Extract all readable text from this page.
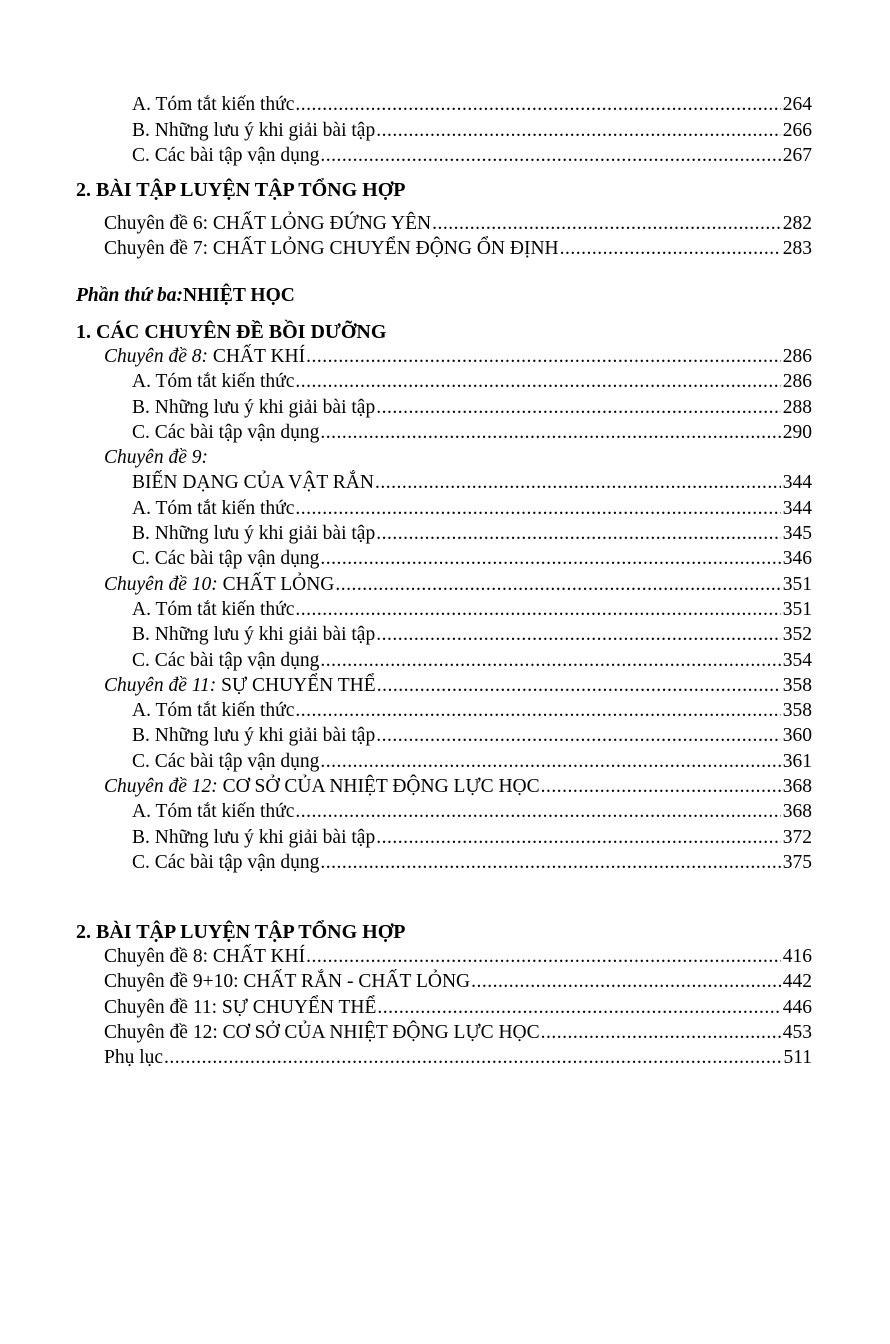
A. Tóm tắt kiến thức .....	264
B. Những lưu ý khi giải bài tập .....	266
C. Các bài tập vận dụng .....	267
2. BÀI TẬP LUYỆN TẬP TỔNG HỢP
Chuyên đề 6: CHẤT LỎNG ĐỨNG YÊN .....	282
Chuyên đề 7: CHẤT LỎNG CHUYỂN ĐỘNG ỔN ĐỊNH .....	283
Phần thứ ba: NHIỆT HỌC
1. CÁC CHUYÊN ĐỀ BỒI DƯỠNG
Chuyên đề 8: CHẤT KHÍ .....	286
A. Tóm tắt kiến thức .....	286
B. Những lưu ý khi giải bài tập .....	288
C. Các bài tập vận dụng .....	290
Chuyên đề 9:
BIẾN DẠNG CỦA VẬT RẮN .....	344
A. Tóm tắt kiến thức .....	344
B. Những lưu ý khi giải bài tập .....	345
C. Các bài tập vận dụng .....	346
Chuyên đề 10: CHẤT LỎNG .....	351
A. Tóm tắt kiến thức .....	351
B. Những lưu ý khi giải bài tập .....	352
C. Các bài tập vận dụng .....	354
Chuyên đề 11: SỰ CHUYỂN THỂ .....	358
A. Tóm tắt kiến thức .....	358
B. Những lưu ý khi giải bài tập .....	360
C. Các bài tập vận dụng .....	361
Chuyên đề 12: CƠ SỞ CỦA NHIỆT ĐỘNG LỰC HỌC .....	368
A. Tóm tắt kiến thức .....	368
B. Những lưu ý khi giải bài tập .....	372
C. Các bài tập vận dụng .....	375
2. BÀI TẬP LUYỆN TẬP TỔNG HỢP
Chuyên đề 8: CHẤT KHÍ .....	416
Chuyên đề 9+10: CHẤT RẮN - CHẤT LỎNG .....	442
Chuyên đề 11: SỰ CHUYỂN THỂ .....	446
Chuyên đề 12: CƠ SỞ CỦA NHIỆT ĐỘNG LỰC HỌC .....	453
Phụ lục .....	511
